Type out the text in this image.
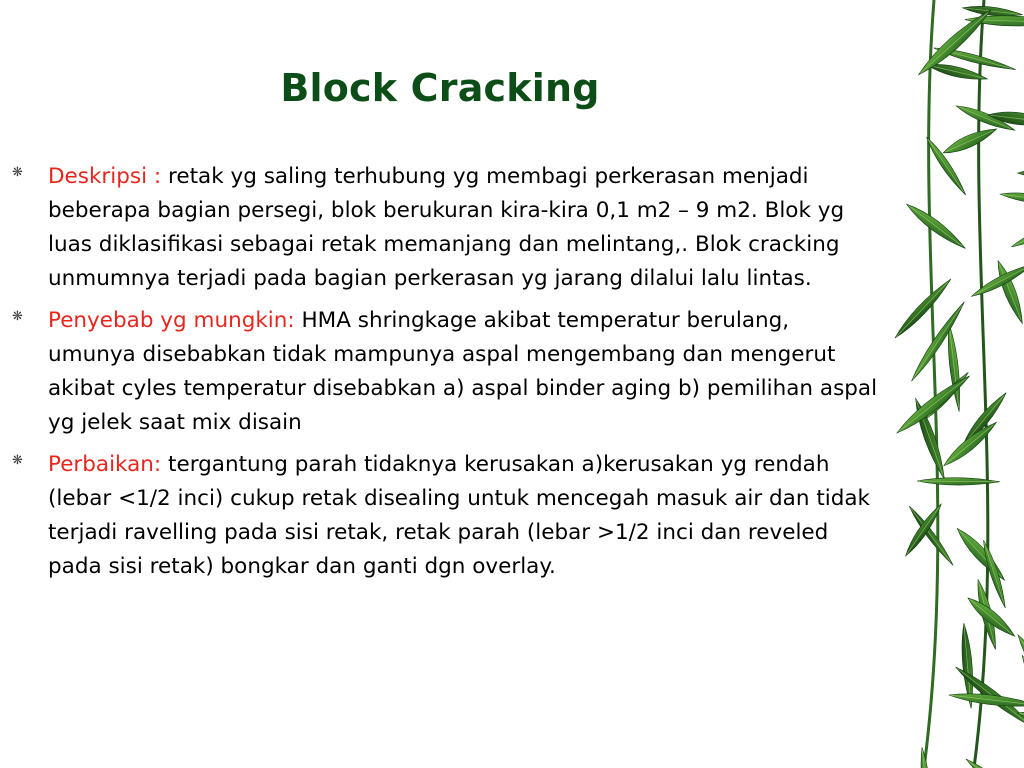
Block Cracking
❋ Deskripsi : retak yg saling terhubung yg membagi perkerasan menjadi beberapa bagian persegi, blok berukuran kira-kira 0,1 m2 – 9 m2. Blok yg luas diklasifikasi sebagai retak memanjang dan melintang,. Blok cracking unmumnya terjadi pada bagian perkerasan yg jarang dilalui lalu lintas.
❋ Penyebab yg mungkin: HMA shringkage akibat temperatur berulang, umunya disebabkan tidak mampunya aspal mengembang dan mengerut akibat cyles temperatur disebabkan a) aspal binder aging b) pemilihan aspal yg jelek saat mix disain
❋ Perbaikan: tergantung parah tidaknya kerusakan a)kerusakan yg rendah (lebar <1/2 inci) cukup retak disealing untuk mencegah masuk air dan tidak terjadi ravelling pada sisi retak, retak parah (lebar >1/2 inci dan reveled pada sisi retak) bongkar dan ganti dgn overlay.
